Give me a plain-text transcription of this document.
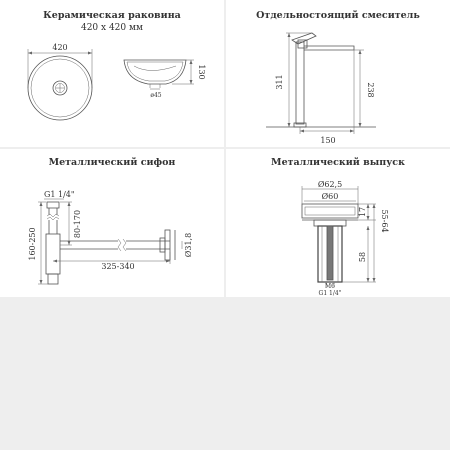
Керамическая раковина
420 х 420 мм
420
130
ø45
Отдельностоящий смеситель
311
238
150
Металлический сифон
G1 1/4"
160-250
80-170
325-340
Ø31,8
Металлический выпуск
Ø62,5
Ø60
17 55-64
58
M6
G1 1/4"
